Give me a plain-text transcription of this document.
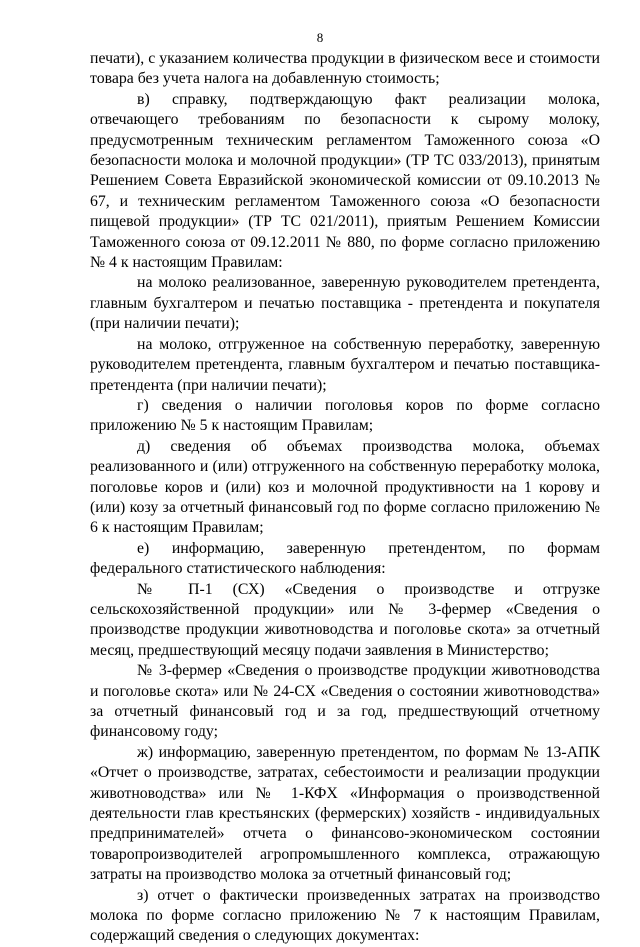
8

печати), с указанием количества продукции в физическом весе и стоимости товара без учета налога на добавленную стоимость;

в) справку, подтверждающую факт реализации молока, отвечающего требованиям по безопасности к сырому молоку, предусмотренным техническим регламентом Таможенного союза «О безопасности молока и молочной продукции» (ТР ТС 033/2013), принятым Решением Совета Евразийской экономической комиссии от 09.10.2013 № 67, и техническим регламентом Таможенного союза «О безопасности пищевой продукции» (ТР ТС 021/2011), приятым Решением Комиссии Таможенного союза от 09.12.2011 № 880, по форме согласно приложению № 4 к настоящим Правилам:

на молоко реализованное, заверенную руководителем претендента, главным бухгалтером и печатью поставщика - претендента и покупателя (при наличии печати);

на молоко, отгруженное на собственную переработку, заверенную руководителем претендента, главным бухгалтером и печатью поставщика-претендента (при наличии печати);

г) сведения о наличии поголовья коров по форме согласно приложению № 5 к настоящим Правилам;

д) сведения об объемах производства молока, объемах реализованного и (или) отгруженного на собственную переработку молока, поголовье коров и (или) коз и молочной продуктивности на 1 корову и (или) козу за отчетный финансовый год по форме согласно приложению № 6 к настоящим Правилам;

е) информацию, заверенную претендентом, по формам федерального статистического наблюдения:

№ П-1 (СХ) «Сведения о производстве и отгрузке сельскохозяйственной продукции» или № 3-фермер «Сведения о производстве продукции животноводства и поголовье скота» за отчетный месяц, предшествующий месяцу подачи заявления в Министерство;

№ 3-фермер «Сведения о производстве продукции животноводства и поголовье скота» или № 24-СХ «Сведения о состоянии животноводства» за отчетный финансовый год и за год, предшествующий отчетному финансовому году;

ж) информацию, заверенную претендентом, по формам № 13-АПК «Отчет о производстве, затратах, себестоимости и реализации продукции животноводства» или № 1-КФХ «Информация о производственной деятельности глав крестьянских (фермерских) хозяйств - индивидуальных предпринимателей» отчета о финансово-экономическом состоянии товаропроизводителей агропромышленного комплекса, отражающую затраты на производство молока за отчетный финансовый год;

з) отчет о фактически произведенных затратах на производство молока по форме согласно приложению № 7 к настоящим Правилам, содержащий сведения о следующих документах:
